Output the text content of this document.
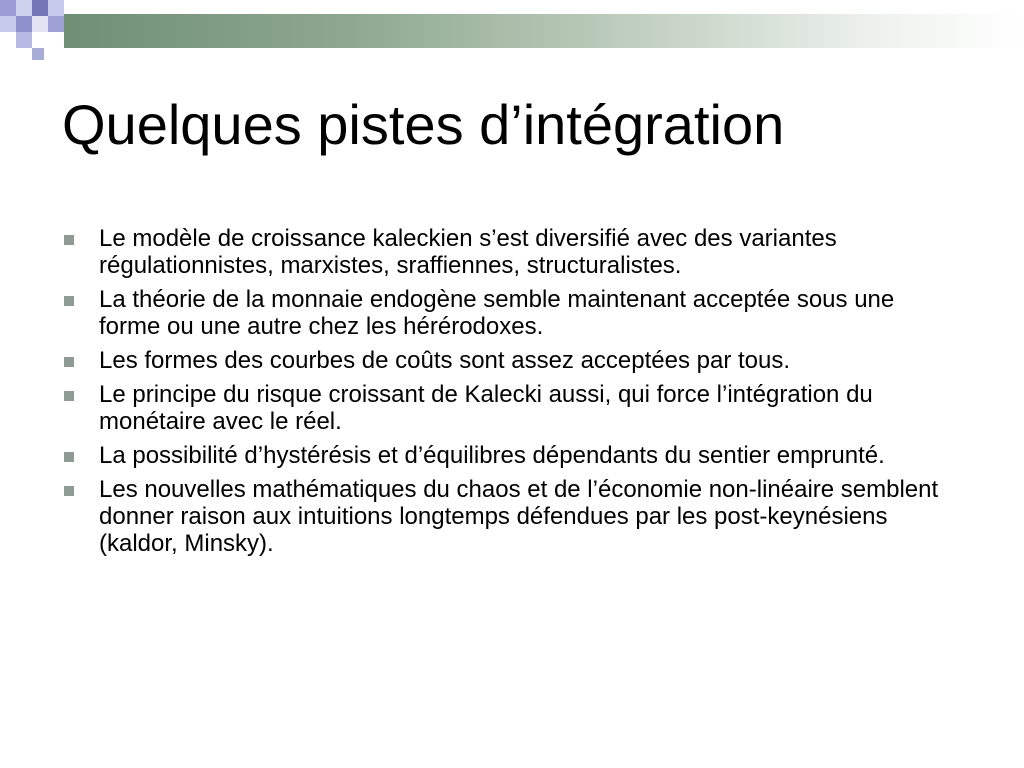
Quelques pistes d’intégration
Le modèle de croissance kaleckien s’est diversifié avec des variantes régulationnistes, marxistes, sraffiennes, structuralistes.
La théorie de la monnaie endogène semble maintenant acceptée sous une forme ou une autre chez les hérérodoxes.
Les formes des courbes de coûts sont assez acceptées par tous.
Le principe du risque croissant de Kalecki aussi, qui force l’intégration du monétaire avec le réel.
La possibilité d’hystérésis et d’équilibres dépendants du sentier emprunté.
Les nouvelles mathématiques du chaos et de l’économie non-linéaire semblent donner raison aux intuitions longtemps défendues par les post-keynésiens (kaldor, Minsky).
